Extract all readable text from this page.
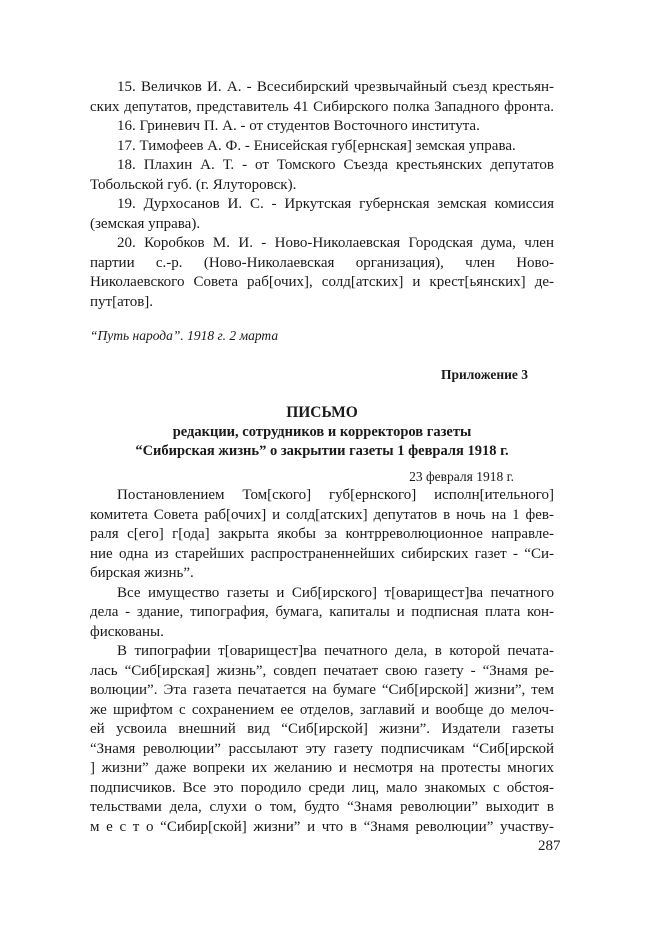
15. Величков И. А. - Всесибирский чрезвычайный съезд крестьян-

ских депутатов, представитель 41 Сибирского полка Западного фронта.

16. Гриневич П. А. - от студентов Восточного института.

17. Тимофеев А. Ф. - Енисейская губ[ернская] земская управа.

18. Плахин А. Т. - от Томского Съезда крестьянских депутатов

Тобольской губ. (г. Ялуторовск).

19. Дурхосанов И. С. - Иркутская губернская земская комиссия

(земская управа).

20. Коробков М. И. - Ново-Николаевская Городская дума, член

партии с.-р. (Ново-Николаевская организация), член Ново-

Николаевского Совета раб[очих], солд[атских] и крест[ьянских] де-

пут[атов].

“Путь народа”. 1918 г. 2 марта

Приложение 3

ПИСЬМО

редакции, сотрудников и корректоров газеты

“Сибирская жизнь” о закрытии газеты 1 февраля 1918 г.

23 февраля 1918 г.

Постановлением Том[ского] губ[ернского] исполн[ительного]

комитета Совета раб[очих] и солд[атских] депутатов в ночь на 1 фев-

раля с[его] г[ода] закрыта якобы за контрреволюционное направле-

ние одна из старейших распространеннейших сибирских газет - “Си-

бирская жизнь”.

Все имущество газеты и Сиб[ирского] т[оварищест]ва печатного

дела - здание, типография, бумага, капиталы и подписная плата кон-

фискованы.

В типографии т[оварищест]ва печатного дела, в которой печата-

лась “Сиб[ирская] жизнь”, совдеп печатает свою газету - “Знамя ре-

волюции”. Эта газета печатается на бумаге “Сиб[ирской] жизни”, тем

же шрифтом с сохранением ее отделов, заглавий и вообще до мелоч-

ей усвоила внешний вид “Сиб[ирской] жизни”. Издатели газеты

“Знамя революции” рассылают эту газету подписчикам “Сиб[ирской

] жизни” даже вопреки их желанию и несмотря на протесты многих

подписчиков. Все это породило среди лиц, мало знакомых с обстоя-

тельствами дела, слухи о том, будто “Знамя революции” выходит в

м е с т о “Сибир[ской] жизни” и что в “Знамя революции” участву-

287
